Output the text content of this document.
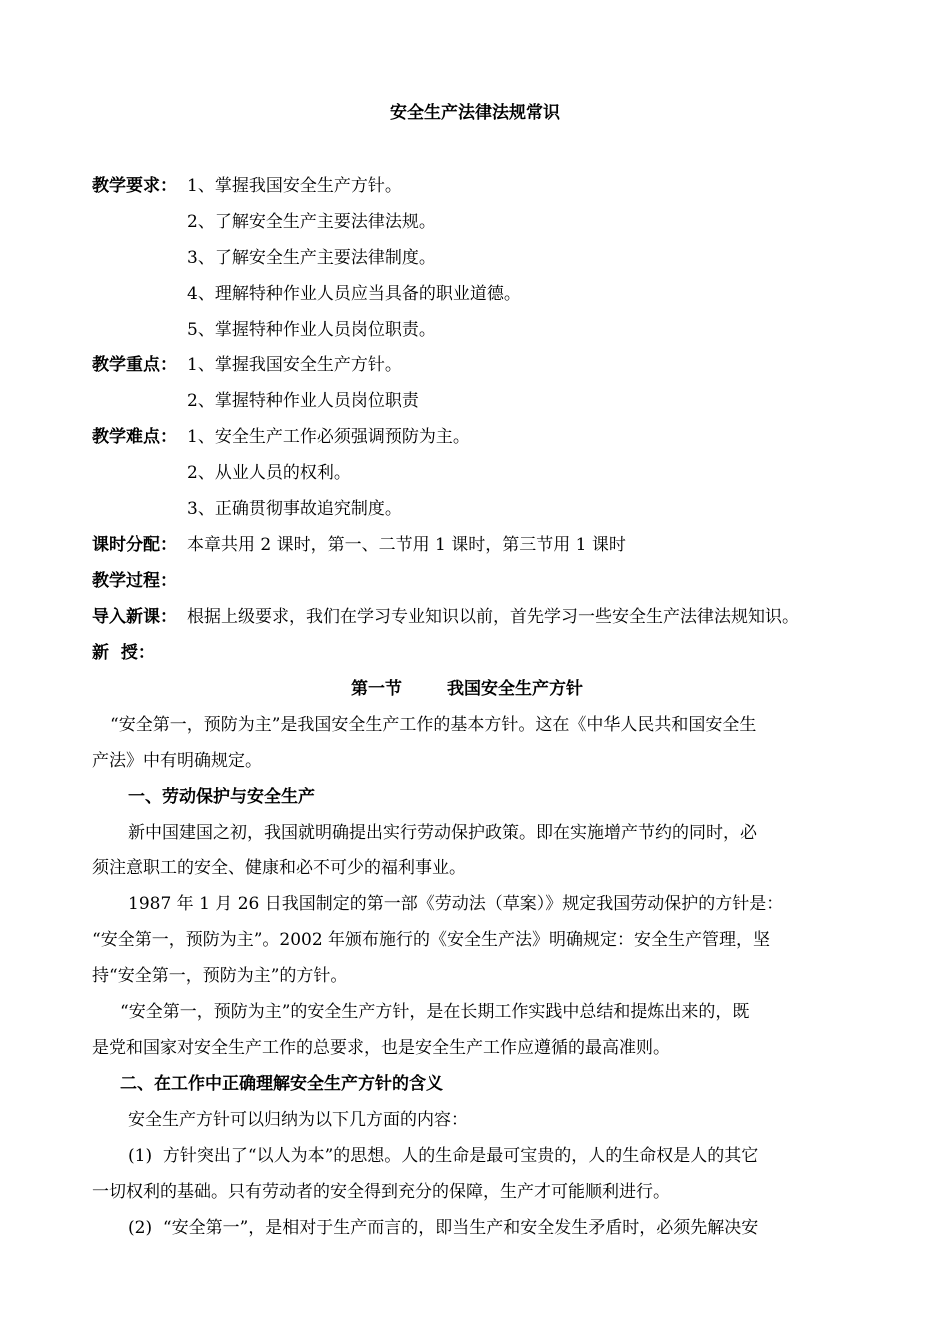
安全生产法律法规常识
教学要求： 1、掌握我国安全生产方针。
2、了解安全生产主要法律法规。
3、了解安全生产主要法律制度。
4、理解特种作业人员应当具备的职业道德。
5、掌握特种作业人员岗位职责。
教学重点： 1、掌握我国安全生产方针。
2、掌握特种作业人员岗位职责
教学难点： 1、安全生产工作必须强调预防为主。
2、从业人员的权利。
3、正确贯彻事故追究制度。
课时分配： 本章共用 2 课时，第一、二节用 1 课时，第三节用 1 课时
教学过程：
导入新课： 根据上级要求，我们在学习专业知识以前，首先学习一些安全生产法律法规知识。
新  授：
第一节	我国安全生产方针
“安全第一，预防为主”是我国安全生产工作的基本方针。这在《中华人民共和国安全生
产法》中有明确规定。
一、劳动保护与安全生产
新中国建国之初，我国就明确提出实行劳动保护政策。即在实施增产节约的同时，必
须注意职工的安全、健康和必不可少的福利事业。
1987 年 1 月 26 日我国制定的第一部《劳动法（草案）》规定我国劳动保护的方针是：
“安全第一，预防为主”。2002 年颁布施行的《安全生产法》明确规定：安全生产管理，坚
持“安全第一，预防为主”的方针。
“安全第一，预防为主”的安全生产方针，是在长期工作实践中总结和提炼出来的，既
是党和国家对安全生产工作的总要求，也是安全生产工作应遵循的最高准则。
二、在工作中正确理解安全生产方针的含义
安全生产方针可以归纳为以下几方面的内容：
(1)  方针突出了“以人为本”的思想。人的生命是最可宝贵的，人的生命权是人的其它
一切权利的基础。只有劳动者的安全得到充分的保障，生产才可能顺利进行。
(2)  “安全第一”，是相对于生产而言的，即当生产和安全发生矛盾时，必须先解决安
